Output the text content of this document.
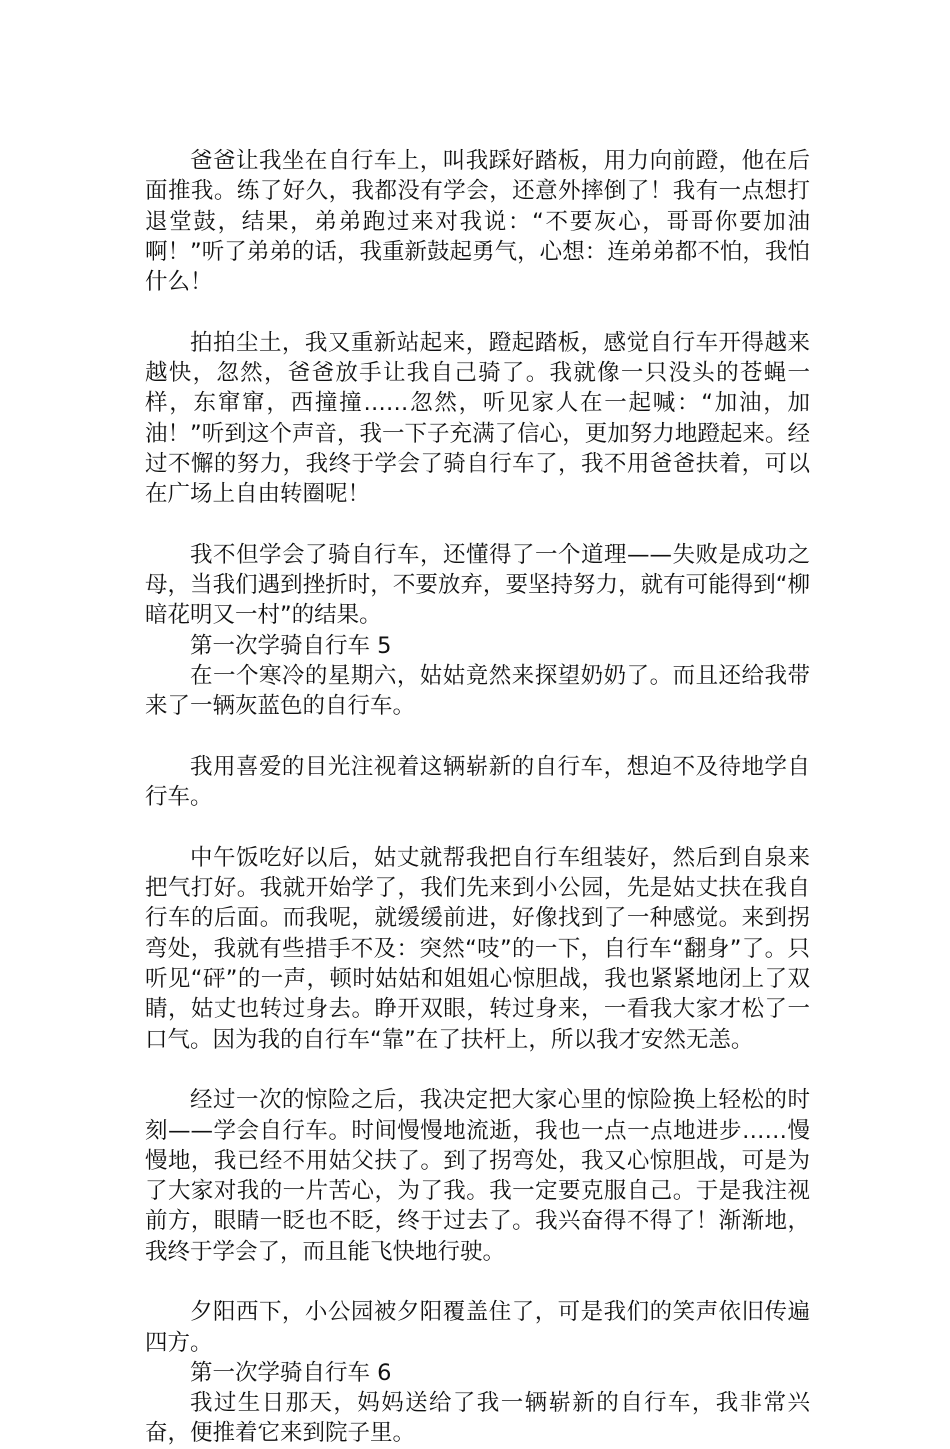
爸爸让我坐在自行车上，叫我踩好踏板，用力向前蹬，他在后面推我。练了好久，我都没有学会，还意外摔倒了！我有一点想打退堂鼓，结果，弟弟跑过来对我说：“不要灰心，哥哥你要加油啊！”听了弟弟的话，我重新鼓起勇气，心想：连弟弟都不怕，我怕什么！

拍拍尘土，我又重新站起来，蹬起踏板，感觉自行车开得越来越快，忽然，爸爸放手让我自己骑了。我就像一只没头的苍蝇一样，东窜窜，西撞撞……忽然，听见家人在一起喊：“加油，加油！”听到这个声音，我一下子充满了信心，更加努力地蹬起来。经过不懈的努力，我终于学会了骑自行车了，我不用爸爸扶着，可以在广场上自由转圈呢！

我不但学会了骑自行车，还懂得了一个道理——失败是成功之母，当我们遇到挫折时，不要放弃，要坚持努力，就有可能得到“柳暗花明又一村”的结果。

第一次学骑自行车 5

在一个寒冷的星期六，姑姑竟然来探望奶奶了。而且还给我带来了一辆灰蓝色的自行车。

我用喜爱的目光注视着这辆崭新的自行车，想迫不及待地学自行车。

中午饭吃好以后，姑丈就帮我把自行车组装好，然后到自泉来把气打好。我就开始学了，我们先来到小公园，先是姑丈扶在我自行车的后面。而我呢，就缓缓前进，好像找到了一种感觉。来到拐弯处，我就有些措手不及：突然“吱”的一下，自行车“翻身”了。只听见“砰”的一声，顿时姑姑和姐姐心惊胆战，我也紧紧地闭上了双睛，姑丈也转过身去。睁开双眼，转过身来，一看我大家才松了一口气。因为我的自行车“靠”在了扶杆上，所以我才安然无恙。

经过一次的惊险之后，我决定把大家心里的惊险换上轻松的时刻——学会自行车。时间慢慢地流逝，我也一点一点地进步……慢慢地，我已经不用姑父扶了。到了拐弯处，我又心惊胆战，可是为了大家对我的一片苦心，为了我。我一定要克服自己。于是我注视前方，眼睛一眨也不眨，终于过去了。我兴奋得不得了！渐渐地，我终于学会了，而且能飞快地行驶。

夕阳西下，小公园被夕阳覆盖住了，可是我们的笑声依旧传遍四方。

第一次学骑自行车 6

我过生日那天，妈妈送给了我一辆崭新的自行车，我非常兴奋，便推着它来到院子里。
